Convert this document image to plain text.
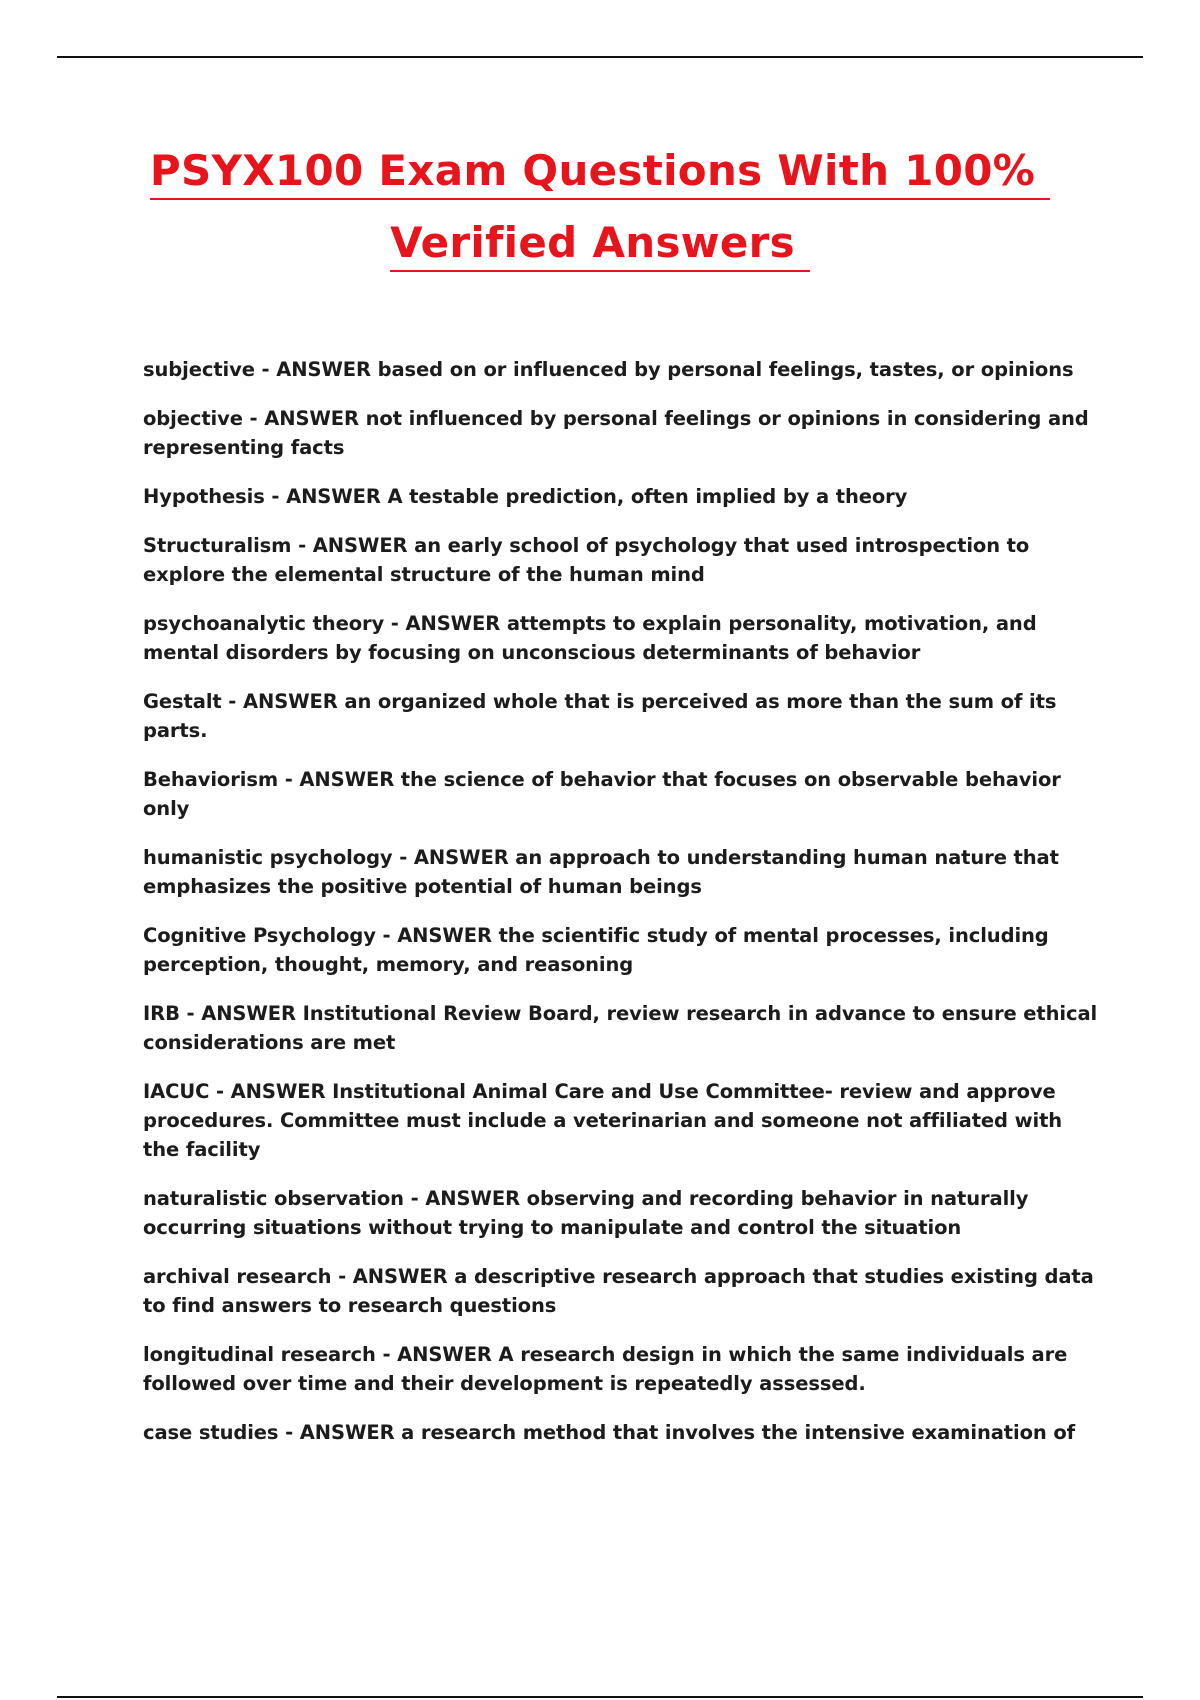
PSYX100 Exam Questions With 100%
Verified Answers
subjective - ANSWER based on or influenced by personal feelings, tastes, or opinions
objective - ANSWER not influenced by personal feelings or opinions in considering and representing facts
Hypothesis - ANSWER A testable prediction, often implied by a theory
Structuralism - ANSWER an early school of psychology that used introspection to explore the elemental structure of the human mind
psychoanalytic theory - ANSWER attempts to explain personality, motivation, and mental disorders by focusing on unconscious determinants of behavior
Gestalt - ANSWER an organized whole that is perceived as more than the sum of its parts.
Behaviorism - ANSWER the science of behavior that focuses on observable behavior only
humanistic psychology - ANSWER an approach to understanding human nature that emphasizes the positive potential of human beings
Cognitive Psychology - ANSWER the scientific study of mental processes, including perception, thought, memory, and reasoning
IRB - ANSWER Institutional Review Board, review research in advance to ensure ethical considerations are met
IACUC - ANSWER Institutional Animal Care and Use Committee- review and approve procedures. Committee must include a veterinarian and someone not affiliated with the facility
naturalistic observation - ANSWER observing and recording behavior in naturally occurring situations without trying to manipulate and control the situation
archival research - ANSWER a descriptive research approach that studies existing data to find answers to research questions
longitudinal research - ANSWER A research design in which the same individuals are followed over time and their development is repeatedly assessed.
case studies - ANSWER a research method that involves the intensive examination of
